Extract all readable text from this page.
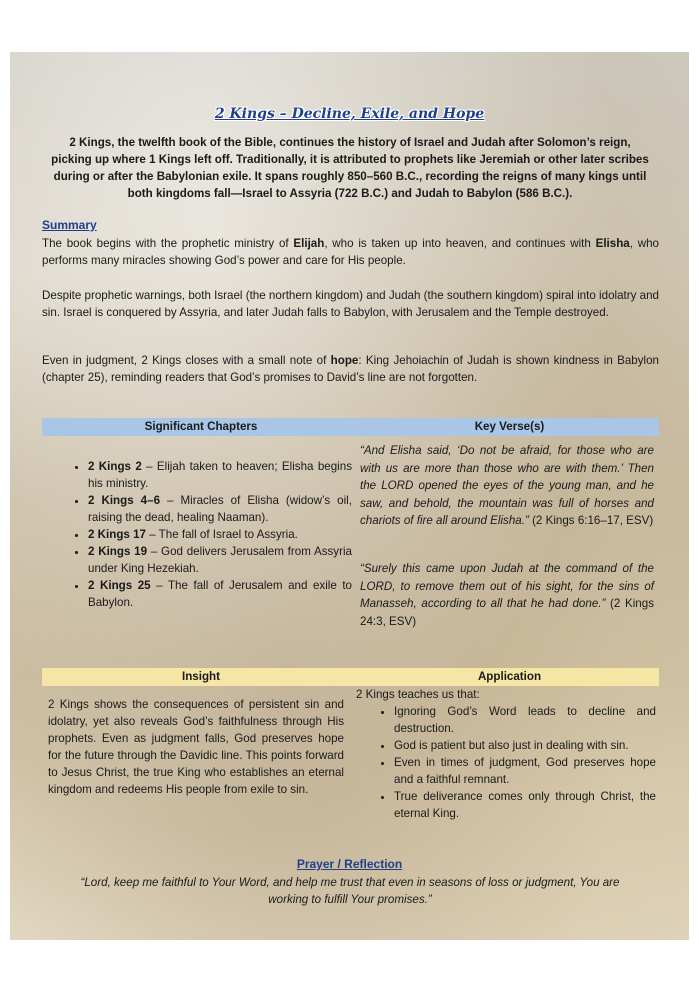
2 Kings – Decline, Exile, and Hope
2 Kings, the twelfth book of the Bible, continues the history of Israel and Judah after Solomon’s reign, picking up where 1 Kings left off. Traditionally, it is attributed to prophets like Jeremiah or other later scribes during or after the Babylonian exile. It spans roughly 850–560 B.C., recording the reigns of many kings until both kingdoms fall—Israel to Assyria (722 B.C.) and Judah to Babylon (586 B.C.).
Summary
The book begins with the prophetic ministry of Elijah, who is taken up into heaven, and continues with Elisha, who performs many miracles showing God’s power and care for His people.
Despite prophetic warnings, both Israel (the northern kingdom) and Judah (the southern kingdom) spiral into idolatry and sin. Israel is conquered by Assyria, and later Judah falls to Babylon, with Jerusalem and the Temple destroyed.
Even in judgment, 2 Kings closes with a small note of hope: King Jehoiachin of Judah is shown kindness in Babylon (chapter 25), reminding readers that God’s promises to David’s line are not forgotten.
Significant Chapters	Key Verse(s)
• 2 Kings 2 – Elijah taken to heaven; Elisha begins his ministry.
• 2 Kings 4–6 – Miracles of Elisha (widow’s oil, raising the dead, healing Naaman).
• 2 Kings 17 – The fall of Israel to Assyria.
• 2 Kings 19 – God delivers Jerusalem from Assyria under King Hezekiah.
• 2 Kings 25 – The fall of Jerusalem and exile to Babylon.
“And Elisha said, ‘Do not be afraid, for those who are with us are more than those who are with them.’ Then the LORD opened the eyes of the young man, and he saw, and behold, the mountain was full of horses and chariots of fire all around Elisha.” (2 Kings 6:16–17, ESV)
“Surely this came upon Judah at the command of the LORD, to remove them out of his sight, for the sins of Manasseh, according to all that he had done.” (2 Kings 24:3, ESV)
Insight	Application
2 Kings shows the consequences of persistent sin and idolatry, yet also reveals God’s faithfulness through His prophets. Even as judgment falls, God preserves hope for the future through the Davidic line. This points forward to Jesus Christ, the true King who establishes an eternal kingdom and redeems His people from exile to sin.
2 Kings teaches us that:
• Ignoring God’s Word leads to decline and destruction.
• God is patient but also just in dealing with sin.
• Even in times of judgment, God preserves hope and a faithful remnant.
• True deliverance comes only through Christ, the eternal King.
Prayer / Reflection
“Lord, keep me faithful to Your Word, and help me trust that even in seasons of loss or judgment, You are working to fulfill Your promises.”
